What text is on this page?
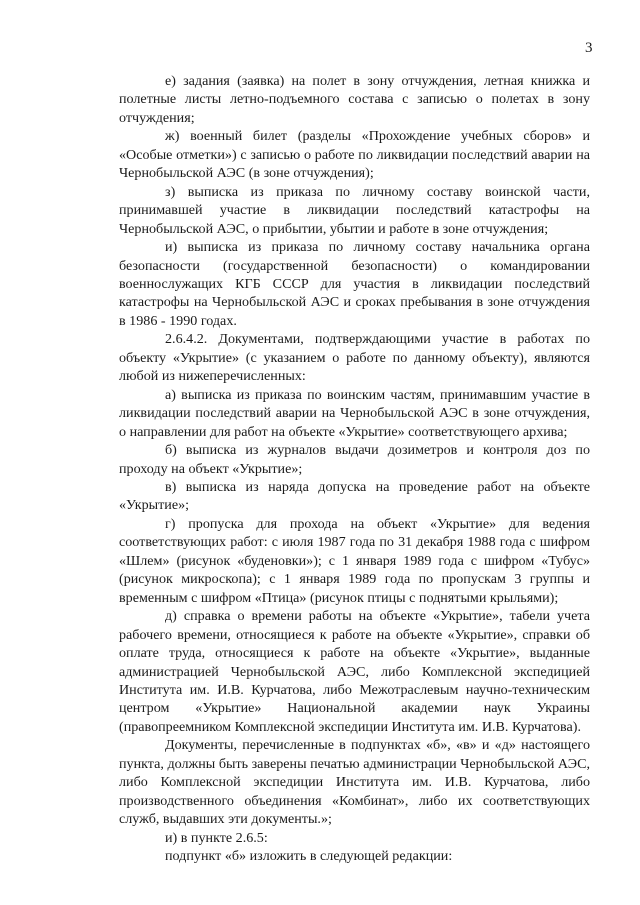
3

е) задания (заявка) на полет в зону отчуждения, летная книжка и полетные листы летно-подъемного состава с записью о полетах в зону отчуждения;

ж) военный билет (разделы «Прохождение учебных сборов» и «Особые отметки») с записью о работе по ликвидации последствий аварии на Чернобыльской АЭС (в зоне отчуждения);

з) выписка из приказа по личному составу воинской части, принимавшей участие в ликвидации последствий катастрофы на Чернобыльской АЭС, о прибытии, убытии и работе в зоне отчуждения;

и) выписка из приказа по личному составу начальника органа безопасности (государственной безопасности) о командировании военнослужащих КГБ СССР для участия в ликвидации последствий катастрофы на Чернобыльской АЭС и сроках пребывания в зоне отчуждения в 1986 - 1990 годах.

2.6.4.2. Документами, подтверждающими участие в работах по объекту «Укрытие» (с указанием о работе по данному объекту), являются любой из нижеперечисленных:

а) выписка из приказа по воинским частям, принимавшим участие в ликвидации последствий аварии на Чернобыльской АЭС в зоне отчуждения, о направлении для работ на объекте «Укрытие» соответствующего архива;

б) выписка из журналов выдачи дозиметров и контроля доз по проходу на объект «Укрытие»;

в) выписка из наряда допуска на проведение работ на объекте «Укрытие»;

г) пропуска для прохода на объект «Укрытие» для ведения соответствующих работ: с июля 1987 года по 31 декабря 1988 года с шифром «Шлем» (рисунок «буденовки»); с 1 января 1989 года с шифром «Тубус» (рисунок микроскопа); с 1 января 1989 года по пропускам 3 группы и временным с шифром «Птица» (рисунок птицы с поднятыми крыльями);

д) справка о времени работы на объекте «Укрытие», табели учета рабочего времени, относящиеся к работе на объекте «Укрытие», справки об оплате труда, относящиеся к работе на объекте «Укрытие», выданные администрацией Чернобыльской АЭС, либо Комплексной экспедицией Института им. И.В. Курчатова, либо Межотраслевым научно-техническим центром «Укрытие» Национальной академии наук Украины (правопреемником Комплексной экспедиции Института им. И.В. Курчатова).

Документы, перечисленные в подпунктах «б», «в» и «д» настоящего пункта, должны быть заверены печатью администрации Чернобыльской АЭС, либо Комплексной экспедиции Института им. И.В. Курчатова, либо производственного объединения «Комбинат», либо их соответствующих служб, выдавших эти документы.»;

и) в пункте 2.6.5:

подпункт «б» изложить в следующей редакции:
